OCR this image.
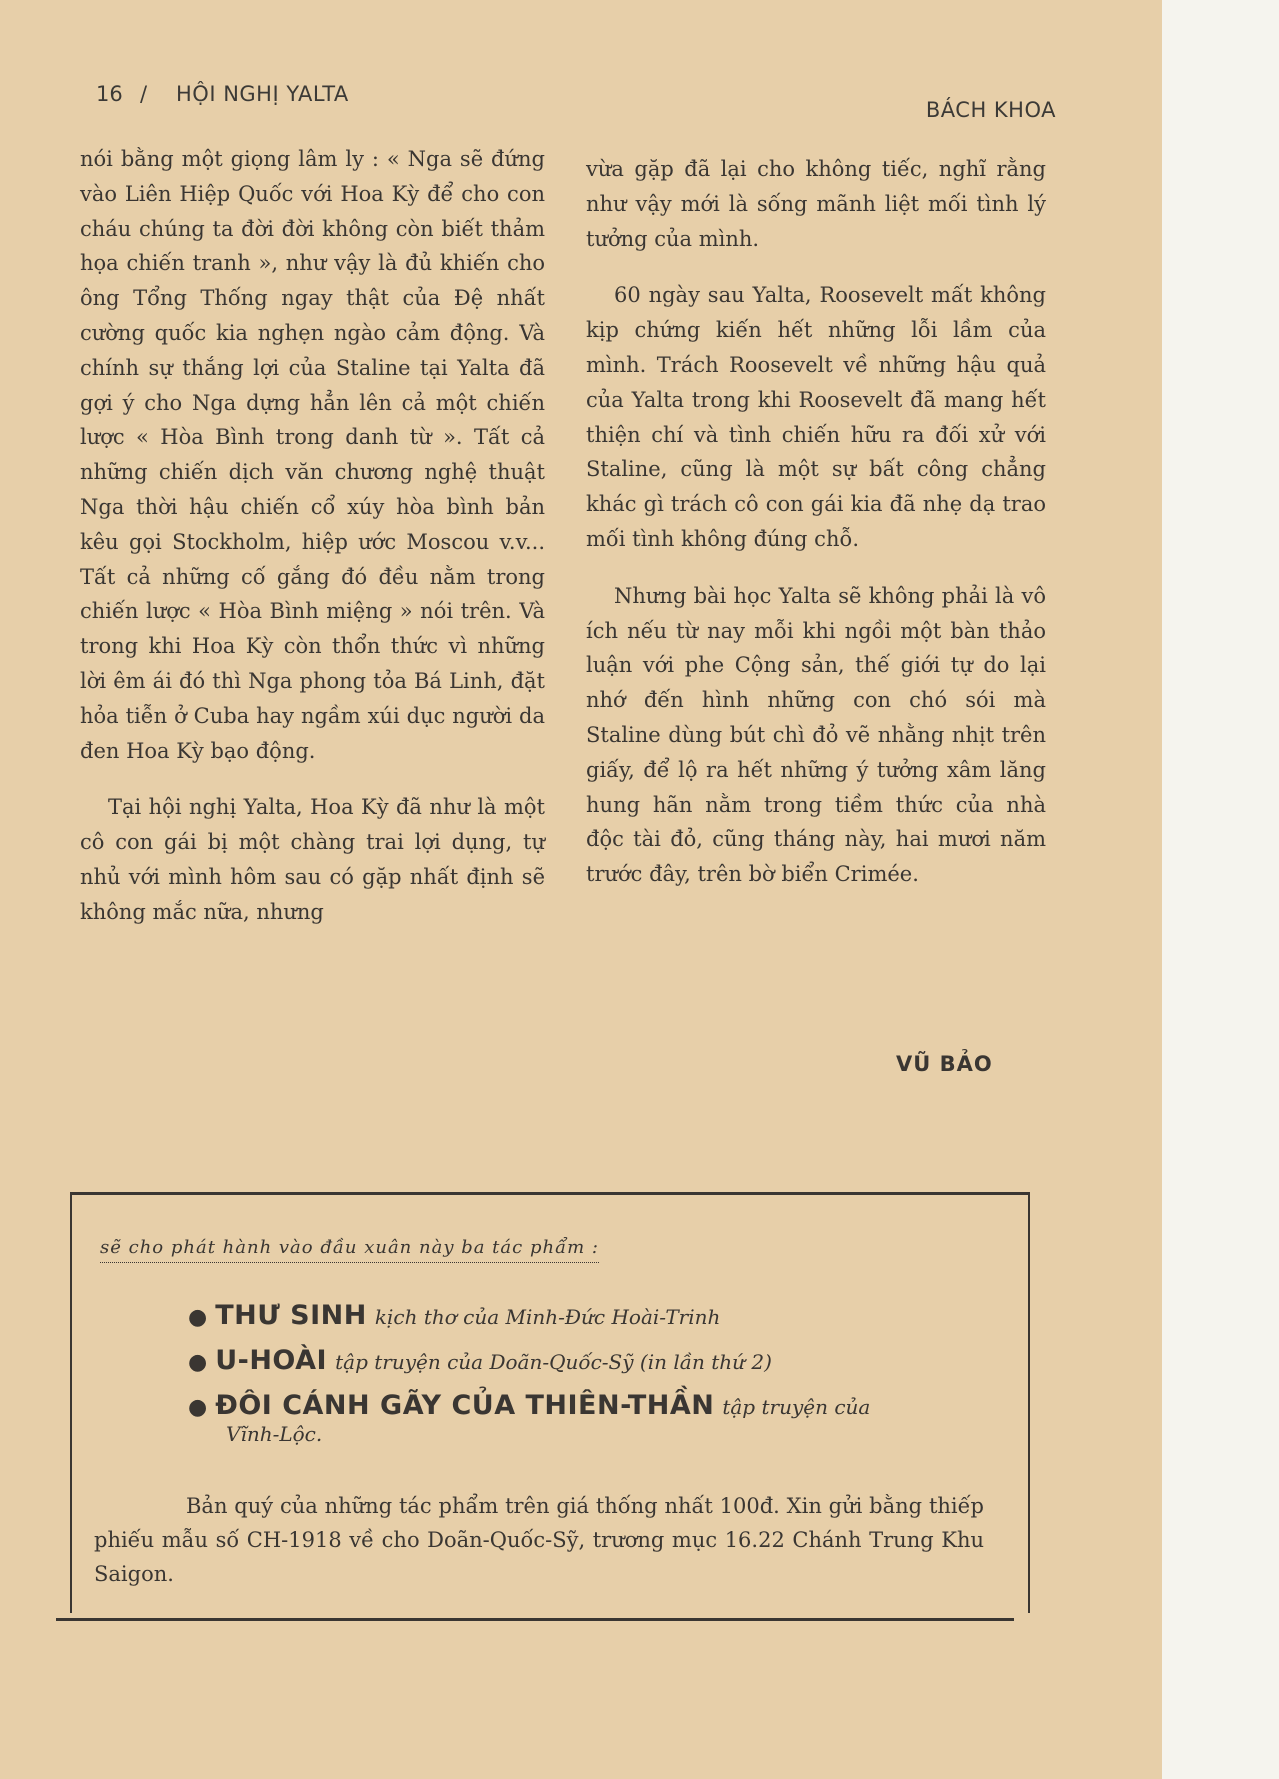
16 / HỘI NGHỊ YALTA
BÁCH KHOA

nói bằng một giọng lâm ly : « Nga sẽ đứng vào Liên Hiệp Quốc với Hoa Kỳ để cho con cháu chúng ta đời đời không còn biết thảm họa chiến tranh », như vậy là đủ khiến cho ông Tổng Thống ngay thật của Đệ nhất cường quốc kia nghẹn ngào cảm động. Và chính sự thắng lợi của Staline tại Yalta đã gợi ý cho Nga dựng hẳn lên cả một chiến lược « Hòa Bình trong danh từ ». Tất cả những chiến dịch văn chương nghệ thuật Nga thời hậu chiến cổ xúy hòa bình bản kêu gọi Stockholm, hiệp ước Moscou v.v... Tất cả những cố gắng đó đều nằm trong chiến lược « Hòa Bình miệng » nói trên. Và trong khi Hoa Kỳ còn thổn thức vì những lời êm ái đó thì Nga phong tỏa Bá Linh, đặt hỏa tiễn ở Cuba hay ngầm xúi dục người da đen Hoa Kỳ bạo động.

Tại hội nghị Yalta, Hoa Kỳ đã như là một cô con gái bị một chàng trai lợi dụng, tự nhủ với mình hôm sau có gặp nhất định sẽ không mắc nữa, nhưng

vừa gặp đã lại cho không tiếc, nghĩ rằng như vậy mới là sống mãnh liệt mối tình lý tưởng của mình.

60 ngày sau Yalta, Roosevelt mất không kịp chứng kiến hết những lỗi lầm của mình. Trách Roosevelt về những hậu quả của Yalta trong khi Roosevelt đã mang hết thiện chí và tình chiến hữu ra đối xử với Staline, cũng là một sự bất công chẳng khác gì trách cô con gái kia đã nhẹ dạ trao mối tình không đúng chỗ.

Nhưng bài học Yalta sẽ không phải là vô ích nếu từ nay mỗi khi ngồi một bàn thảo luận với phe Cộng sản, thế giới tự do lại nhớ đến hình những con chó sói mà Staline dùng bút chì đỏ vẽ nhằng nhịt trên giấy, để lộ ra hết những ý tưởng xâm lăng hung hãn nằm trong tiềm thức của nhà độc tài đỏ, cũng tháng này, hai mươi năm trước đây, trên bờ biển Crimée.

VŨ BẢO
sẽ cho phát hành vào đầu xuân này ba tác phẩm :
● THƯ SINH kịch thơ của Minh-Đức Hoài-Trinh
● U-HOÀI tập truyện của Doãn-Quốc-Sỹ (in lần thứ 2)
● ĐÔI CÁNH GÃY CỦA THIÊN-THẦN tập truyện của
Vĩnh-Lộc.

Bản quý của những tác phẩm trên giá thống nhất 100đ. Xin gửi bằng thiếp phiếu mẫu số CH-1918 về cho Doãn-Quốc-Sỹ, trương mục 16.22 Chánh Trung Khu Saigon.
